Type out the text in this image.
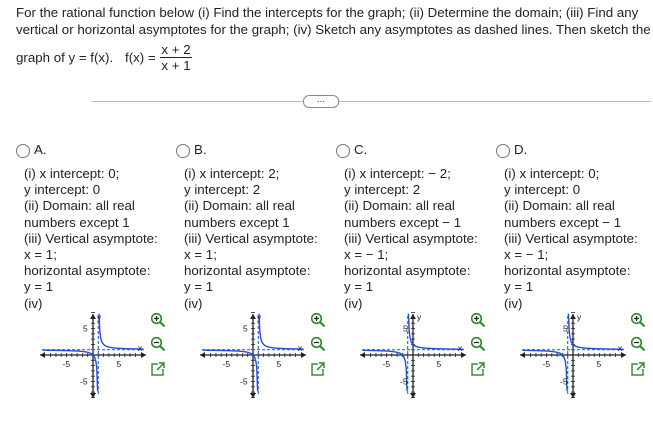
For the rational function below (i) Find the intercepts for the graph; (ii) Determine the domain; (iii) Find any
vertical or horizontal asymptotes for the graph; (iv) Sketch any asymptotes as dashed lines. Then sketch the
graph of y = f(x). f(x) =
x + 2
x + 1
...
A.
(i) x intercept: 0;
y intercept: 0
(ii) Domain: all real
numbers except 1
(iii) Vertical asymptote:
x = 1;
horizontal asymptote:
y = 1
(iv)
-5	5
5
-5
x
y
B.
(i) x intercept: 2;
y intercept: 2
(ii) Domain: all real
numbers except 1
(iii) Vertical asymptote:
x = 1;
horizontal asymptote:
y = 1
(iv)
-5	5
5
-5
x
y
C.
(i) x intercept: − 2;
y intercept: 2
(ii) Domain: all real
numbers except − 1
(iii) Vertical asymptote:
x = − 1;
horizontal asymptote:
y = 1
(iv)
-5	5
5
-5
x
y
D.
(i) x intercept: 0;
y intercept: 0
(ii) Domain: all real
numbers except − 1
(iii) Vertical asymptote:
x = − 1;
horizontal asymptote:
y = 1
(iv)
-5	5
5
-5
x
y
